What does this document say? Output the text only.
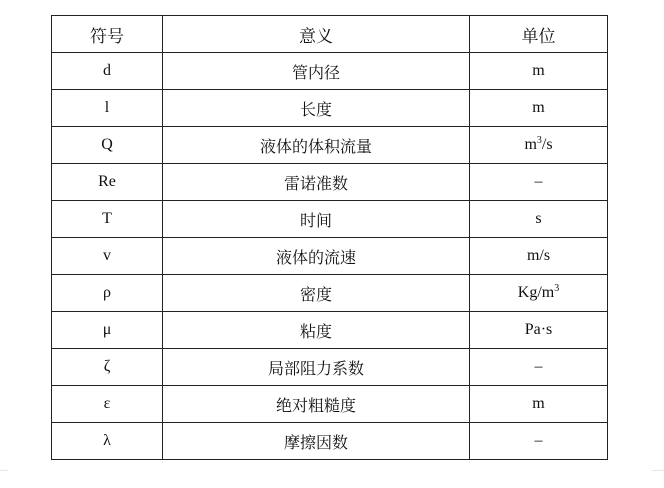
符号	意义	单位
d	管内径	m
l	长度	m
Q	液体的体积流量	$m^3/s$
Re	雷诺准数	–
T	时间	s
v	液体的流速	m/s
ρ	密度	$Kg/m^3$
μ	粘度	Pa·s
ζ	局部阻力系数	–
ε	绝对粗糙度	m
λ	摩擦因数	–
